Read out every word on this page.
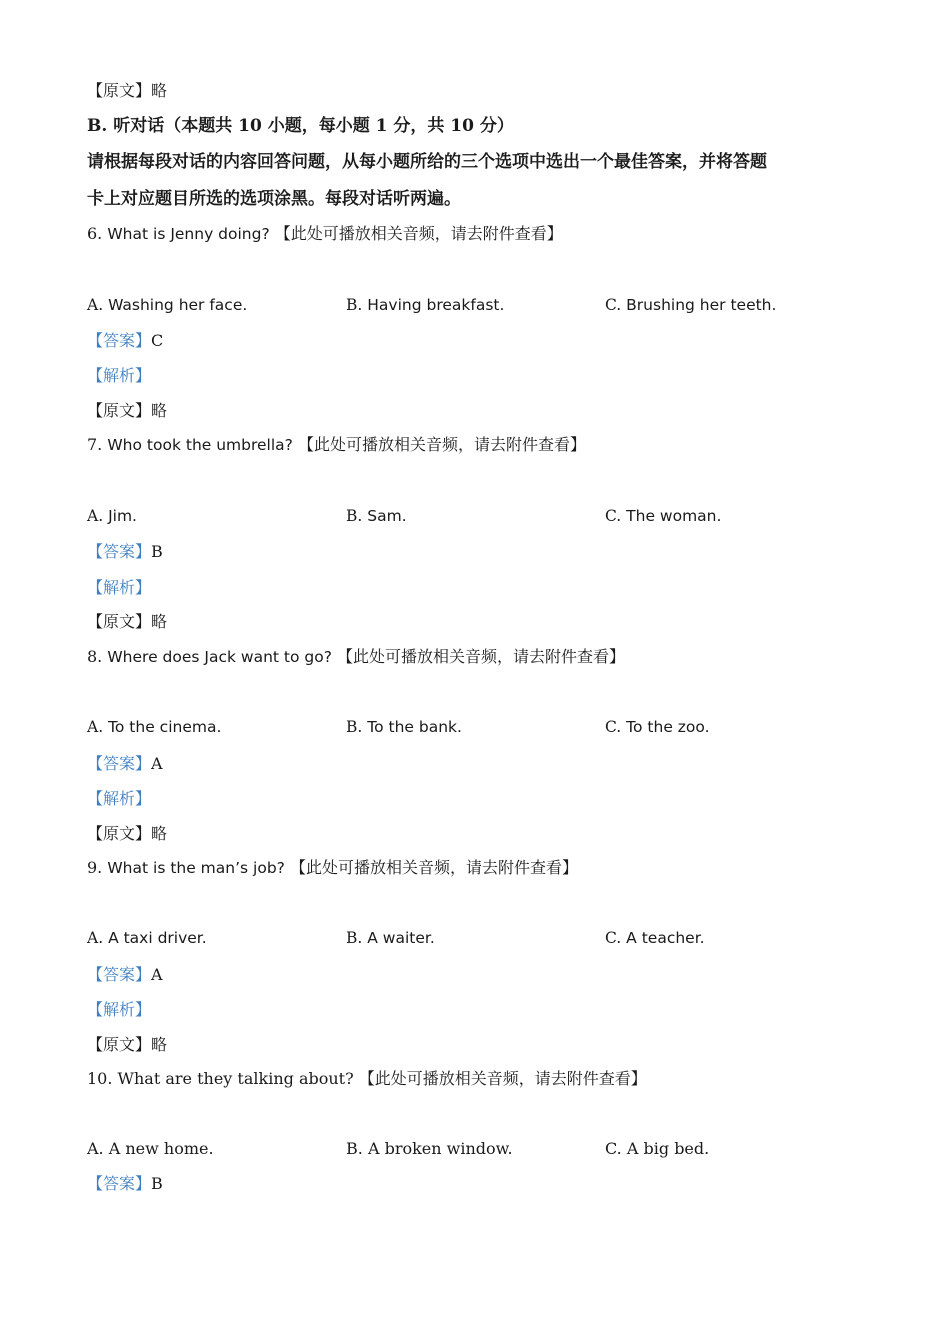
【原文】略
B. 听对话（本题共 10 小题，每小题 1 分，共 10 分）
请根据每段对话的内容回答问题，从每小题所给的三个选项中选出一个最佳答案，并将答题
卡上对应题目所选的选项涂黑。每段对话听两遍。
6. What is Jenny doing? 【此处可播放相关音频，请去附件查看】
A. Washing her face.	B. Having breakfast.	C. Brushing her teeth.
【答案】C
【解析】
【原文】略
7. Who took the umbrella? 【此处可播放相关音频，请去附件查看】
A. Jim.	B. Sam.	C. The woman.
【答案】B
【解析】
【原文】略
8. Where does Jack want to go? 【此处可播放相关音频，请去附件查看】
A. To the cinema.	B. To the bank.	C. To the zoo.
【答案】A
【解析】
【原文】略
9. What is the man’s job? 【此处可播放相关音频，请去附件查看】
A. A taxi driver.	B. A waiter.	C. A teacher.
【答案】A
【解析】
【原文】略
10. What are they talking about? 【此处可播放相关音频，请去附件查看】
A. A new home.	B. A broken window.	C. A big bed.
【答案】B
